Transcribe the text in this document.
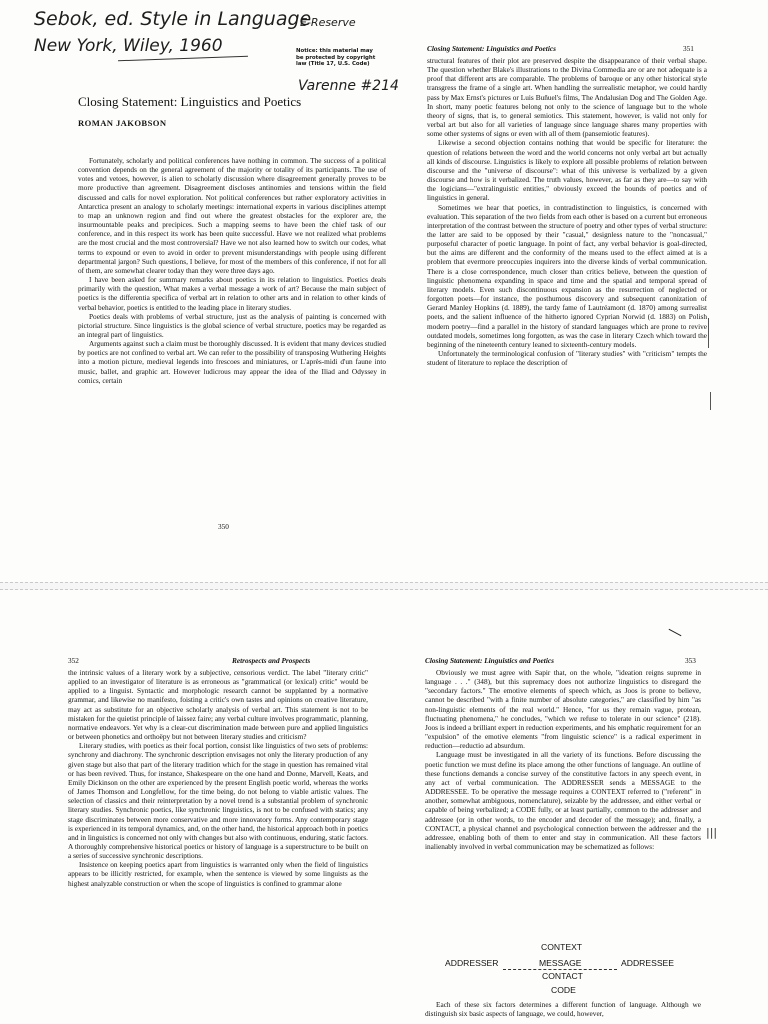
Sebok, ed. Style in Language
E-Reserve
New York, Wiley, 1960	Notice: this material may
be protected by copyright
law (Title 17, U.S. Code)
Varenne #214
Closing Statement: Linguistics and Poetics
ROMAN JAKOBSON

Fortunately, scholarly and political conferences have nothing in common. The success of a political convention depends on the general agreement of the majority or totality of its participants. The use of votes and vetoes, however, is alien to scholarly discussion where disagreement generally proves to be more productive than agreement. Disagreement discloses antinomies and tensions within the field discussed and calls for novel exploration. Not political conferences but rather exploratory activities in Antarctica present an analogy to scholarly meetings: international experts in various disciplines attempt to map an unknown region and find out where the greatest obstacles for the explorer are, the insurmountable peaks and precipices. Such a mapping seems to have been the chief task of our conference, and in this respect its work has been quite successful. Have we not realized what problems are the most crucial and the most controversial? Have we not also learned how to switch our codes, what terms to expound or even to avoid in order to prevent misunderstandings with people using different departmental jargon? Such questions, I believe, for most of the members of this conference, if not for all of them, are somewhat clearer today than they were three days ago.

I have been asked for summary remarks about poetics in its relation to linguistics. Poetics deals primarily with the question, What makes a verbal message a work of art? Because the main subject of poetics is the differentia specifica of verbal art in relation to other arts and in relation to other kinds of verbal behavior, poetics is entitled to the leading place in literary studies.

Poetics deals with problems of verbal structure, just as the analysis of painting is concerned with pictorial structure. Since linguistics is the global science of verbal structure, poetics may be regarded as an integral part of linguistics.

Arguments against such a claim must be thoroughly discussed. It is evident that many devices studied by poetics are not confined to verbal art. We can refer to the possibility of transposing Wuthering Heights into a motion picture, medieval legends into frescoes and miniatures, or L'après-midi d'un faune into music, ballet, and graphic art. However ludicrous may appear the idea of the Iliad and Odyssey in comics, certain

350
Closing Statement: Linguistics and Poetics	351

structural features of their plot are preserved despite the disappearance of their verbal shape. The question whether Blake's illustrations to the Divina Commedia are or are not adequate is a proof that different arts are comparable. The problems of baroque or any other historical style transgress the frame of a single art. When handling the surrealistic metaphor, we could hardly pass by Max Ernst's pictures or Luis Buñuel's films, The Andalusian Dog and The Golden Age. In short, many poetic features belong not only to the science of language but to the whole theory of signs, that is, to general semiotics. This statement, however, is valid not only for verbal art but also for all varieties of language since language shares many properties with some other systems of signs or even with all of them (pansemiotic features).

Likewise a second objection contains nothing that would be specific for literature: the question of relations between the word and the world concerns not only verbal art but actually all kinds of discourse. Linguistics is likely to explore all possible problems of relation between discourse and the "universe of discourse": what of this universe is verbalized by a given discourse and how is it verbalized. The truth values, however, as far as they are—to say with the logicians—"extralinguistic entities," obviously exceed the bounds of poetics and of linguistics in general.

Sometimes we hear that poetics, in contradistinction to linguistics, is concerned with evaluation. This separation of the two fields from each other is based on a current but erroneous interpretation of the contrast between the structure of poetry and other types of verbal structure: the latter are said to be opposed by their "casual," designless nature to the "noncasual," purposeful character of poetic language. In point of fact, any verbal behavior is goal-directed, but the aims are different and the conformity of the means used to the effect aimed at is a problem that evermore preoccupies inquirers into the diverse kinds of verbal communication. There is a close correspondence, much closer than critics believe, between the question of linguistic phenomena expanding in space and time and the spatial and temporal spread of literary models. Even such discontinuous expansion as the resurrection of neglected or forgotten poets—for instance, the posthumous discovery and subsequent canonization of Gerard Manley Hopkins (d. 1889), the tardy fame of Lautréamont (d. 1870) among surrealist poets, and the salient influence of the hitherto ignored Cyprian Norwid (d. 1883) on Polish modern poetry—find a parallel in the history of standard languages which are prone to revive outdated models, sometimes long forgotten, as was the case in literary Czech which toward the beginning of the nineteenth century leaned to sixteenth-century models.

Unfortunately the terminological confusion of "literary studies" with "criticism" tempts the student of literature to replace the description of

352	Retrospects and Prospects

the intrinsic values of a literary work by a subjective, censorious verdict. The label "literary critic" applied to an investigator of literature is as erroneous as "grammatical (or lexical) critic" would be applied to a linguist. Syntactic and morphologic research cannot be supplanted by a normative grammar, and likewise no manifesto, foisting a critic's own tastes and opinions on creative literature, may act as substitute for an objective scholarly analysis of verbal art. This statement is not to be mistaken for the quietist principle of laissez faire; any verbal culture involves programmatic, planning, normative endeavors. Yet why is a clear-cut discrimination made between pure and applied linguistics or between phonetics and orthoëpy but not between literary studies and criticism?

Literary studies, with poetics as their focal portion, consist like linguistics of two sets of problems: synchrony and diachrony. The synchronic description envisages not only the literary production of any given stage but also that part of the literary tradition which for the stage in question has remained vital or has been revived. Thus, for instance, Shakespeare on the one hand and Donne, Marvell, Keats, and Emily Dickinson on the other are experienced by the present English poetic world, whereas the works of James Thomson and Longfellow, for the time being, do not belong to viable artistic values. The selection of classics and their reinterpretation by a novel trend is a substantial problem of synchronic literary studies. Synchronic poetics, like synchronic linguistics, is not to be confused with statics; any stage discriminates between more conservative and more innovatory forms. Any contemporary stage is experienced in its temporal dynamics, and, on the other hand, the historical approach both in poetics and in linguistics is concerned not only with changes but also with continuous, enduring, static factors. A thoroughly comprehensive historical poetics or history of language is a superstructure to be built on a series of successive synchronic descriptions.

Insistence on keeping poetics apart from linguistics is warranted only when the field of linguistics appears to be illicitly restricted, for example, when the sentence is viewed by some linguists as the highest analyzable construction or when the scope of linguistics is confined to grammar alone

Closing Statement: Linguistics and Poetics	353

Obviously we must agree with Sapir that, on the whole, "ideation reigns supreme in language . . ." (348), but this supremacy does not authorize linguistics to disregard the "secondary factors." The emotive elements of speech which, as Joos is prone to believe, cannot be described "with a finite number of absolute categories," are classified by him "as non-linguistic elements of the real world." Hence, "for us they remain vague, protean, fluctuating phenomena," he concludes, "which we refuse to tolerate in our science" (218). Joos is indeed a brilliant expert in reduction experiments, and his emphatic requirement for an "expulsion" of the emotive elements "from linguistic science" is a radical experiment in reduction—reductio ad absurdum.

Language must be investigated in all the variety of its functions. Before discussing the poetic function we must define its place among the other functions of language. An outline of these functions demands a concise survey of the constitutive factors in any speech event, in any act of verbal communication. The ADDRESSER sends a MESSAGE to the ADDRESSEE. To be operative the message requires a CONTEXT referred to ("referent" in another, somewhat ambiguous, nomenclature), seizable by the addressee, and either verbal or capable of being verbalized; a CODE fully, or at least partially, common to the addresser and addressee (or in other words, to the encoder and decoder of the message); and, finally, a CONTACT, a physical channel and psychological connection between the addresser and the addressee, enabling both of them to enter and stay in communication. All these factors inalienably involved in verbal communication may be schematized as follows:

|||
CONTEXT
ADDRESSER	MESSAGE	ADDRESSEE
CONTACT
CODE

Each of these six factors determines a different function of language. Although we distinguish six basic aspects of language, we could, however,
